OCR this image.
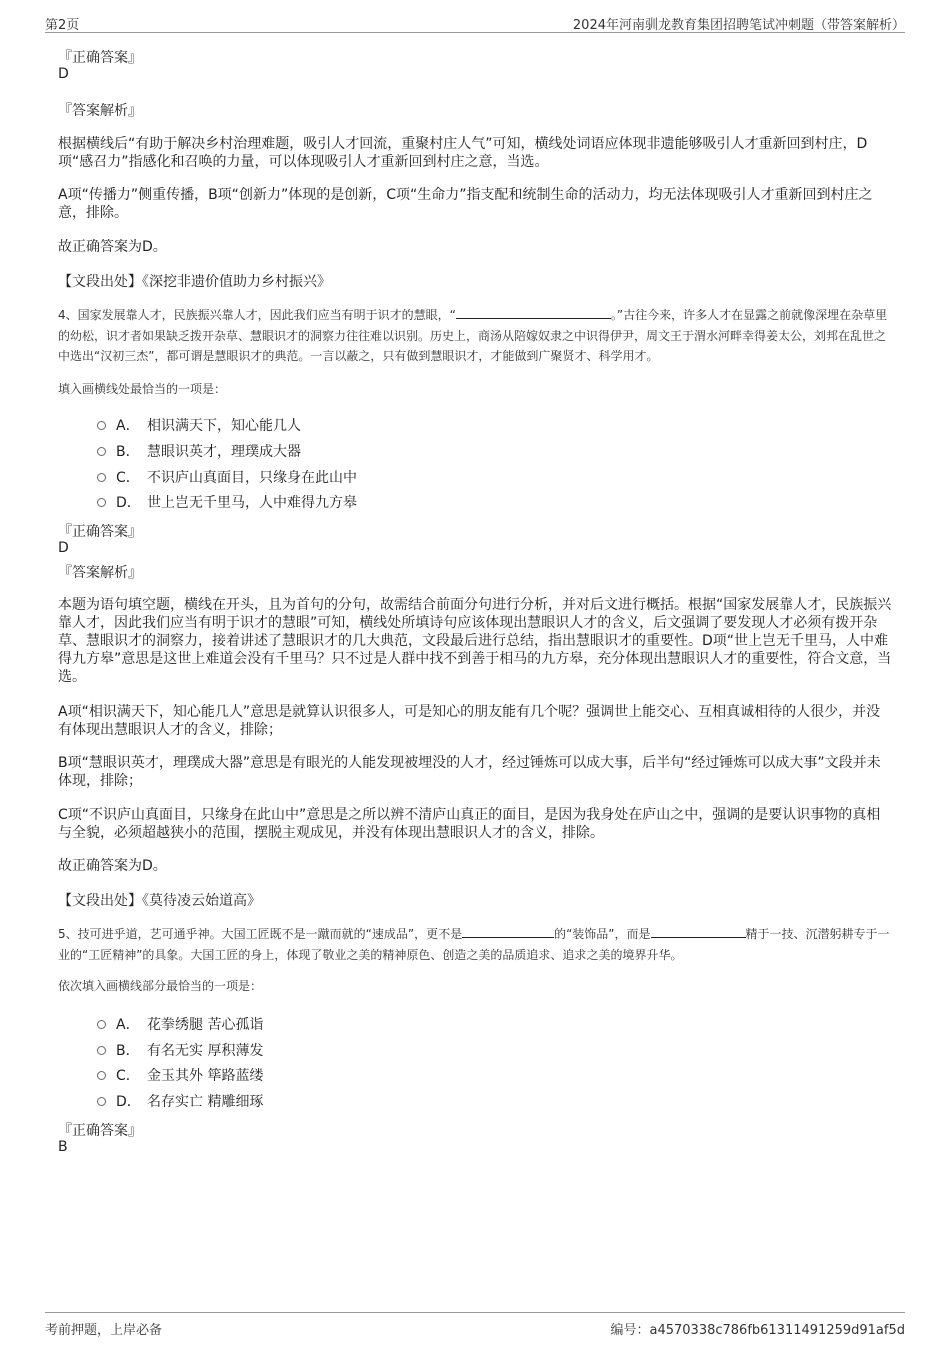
第2页	2024年河南驯龙教育集团招聘笔试冲刺题（带答案解析）
『正确答案』
D
『答案解析』
根据横线后“有助于解决乡村治理难题，吸引人才回流，重聚村庄人气”可知，横线处词语应体现非遗能够吸引人才重新回到村庄，D项“感召力”指感化和召唤的力量，可以体现吸引人才重新回到村庄之意，当选。
A项“传播力”侧重传播，B项“创新力”体现的是创新，C项“生命力”指支配和统制生命的活动力，均无法体现吸引人才重新回到村庄之意，排除。
故正确答案为D。
【文段出处】《深挖非遗价值助力乡村振兴》
4、国家发展靠人才，民族振兴靠人才，因此我们应当有明于识才的慧眼，“	。”古往今来，许多人才在显露之前就像深埋在杂草里的幼松，识才者如果缺乏拨开杂草、慧眼识才的洞察力往往难以识别。历史上，商汤从陪嫁奴隶之中识得伊尹，周文王于渭水河畔幸得姜太公，刘邦在乱世之中选出“汉初三杰”，都可谓是慧眼识才的典范。一言以蔽之，只有做到慧眼识才，才能做到广聚贤才、科学用才。
填入画横线处最恰当的一项是：
A． 相识满天下，知心能几人
B． 慧眼识英才，理璞成大器
C． 不识庐山真面目，只缘身在此山中
D． 世上岂无千里马，人中难得九方皋
『正确答案』
D
『答案解析』
本题为语句填空题，横线在开头，且为首句的分句，故需结合前面分句进行分析，并对后文进行概括。根据“国家发展靠人才，民族振兴靠人才，因此我们应当有明于识才的慧眼”可知，横线处所填诗句应该体现出慧眼识人才的含义，后文强调了要发现人才必须有拨开杂草、慧眼识才的洞察力，接着讲述了慧眼识才的几大典范，文段最后进行总结，指出慧眼识才的重要性。D项“世上岂无千里马，人中难得九方皋”意思是这世上难道会没有千里马？只不过是人群中找不到善于相马的九方皋，充分体现出慧眼识人才的重要性，符合文意，当选。
A项“相识满天下，知心能几人”意思是就算认识很多人，可是知心的朋友能有几个呢？强调世上能交心、互相真诚相待的人很少，并没有体现出慧眼识人才的含义，排除；
B项“慧眼识英才，理璞成大器”意思是有眼光的人能发现被埋没的人才，经过锤炼可以成大事，后半句“经过锤炼可以成大事”文段并未体现，排除；
C项“不识庐山真面目，只缘身在此山中”意思是之所以辨不清庐山真正的面目，是因为我身处在庐山之中，强调的是要认识事物的真相与全貌，必须超越狭小的范围，摆脱主观成见，并没有体现出慧眼识人才的含义，排除。
故正确答案为D。
【文段出处】《莫待凌云始道高》
5、技可进乎道，艺可通乎神。大国工匠既不是一蹴而就的“速成品”，更不是	的“装饰品”，而是	精于一技、沉潜躬耕专于一业的“工匠精神”的具象。大国工匠的身上，体现了敬业之美的精神原色、创造之美的品质追求、追求之美的境界升华。
依次填入画横线部分最恰当的一项是：
A． 花拳绣腿 苦心孤诣
B． 有名无实 厚积薄发
C． 金玉其外 筚路蓝缕
D． 名存实亡 精雕细琢
『正确答案』
B
考前押题，上岸必备	编号：a4570338c786fb61311491259d91af5d
